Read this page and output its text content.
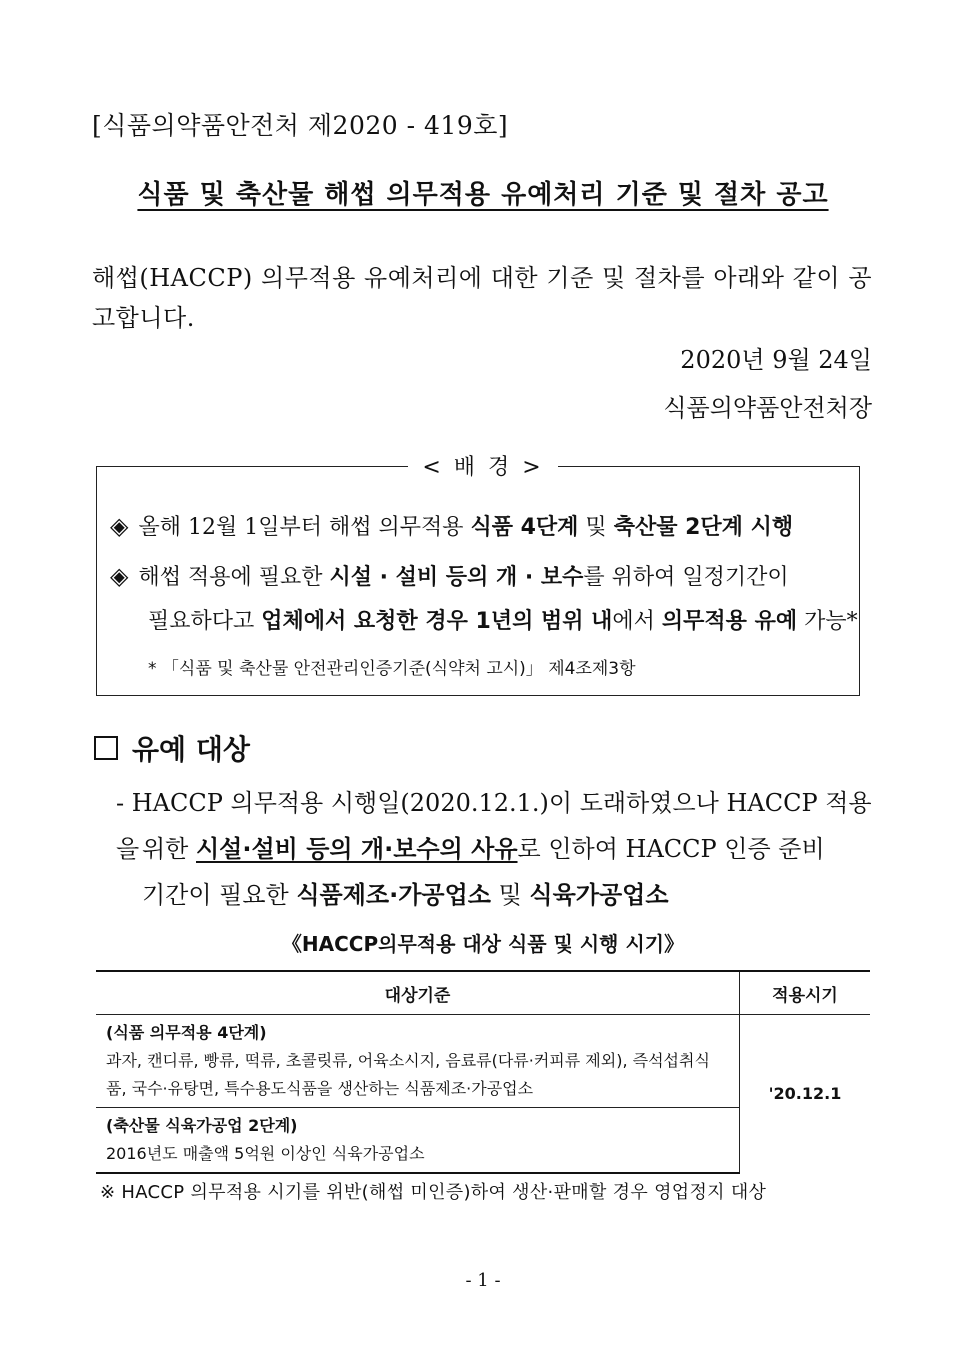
[식품의약품안전처 제2020 - 419호]
식품 및 축산물 해썹 의무적용 유예처리 기준 및 절차 공고
해썹(HACCP) 의무적용 유예처리에 대한 기준 및 절차를 아래와 같이 공고합니다.
2020년 9월 24일
식품의약품안전처장
< 배 경 >
◈ 올해 12월 1일부터 해썹 의무적용 식품 4단계 및 축산물 2단계 시행
◈ 해썹 적용에 필요한 시설 · 설비 등의 개 · 보수를 위하여 일정기간이
필요하다고 업체에서 요청한 경우 1년의 범위 내에서 의무적용 유예 가능*
* 「식품 및 축산물 안전관리인증기준(식약처 고시)」 제4조제3항
유예 대상
- HACCP 의무적용 시행일(2020.12.1.)이 도래하였으나 HACCP 적용을 위한 시설·설비 등의 개·보수의 사유로 인하여 HACCP 인증 준비
기간이 필요한 식품제조·가공업소 및 식육가공업소
《HACCP의무적용 대상 식품 및 시행 시기》
대상기준	적용시기

(식품 의무적용 4단계)
과자, 캔디류, 빵류, 떡류, 초콜릿류, 어육소시지, 음료류(다류·커피류 제외), 즉석섭취식품, 국수·유탕면, 특수용도식품을 생산하는 식품제조·가공업소	'20.12.1

(축산물 식육가공업 2단계)
2016년도 매출액 5억원 이상인 식육가공업소	
※ HACCP 의무적용 시기를 위반(해썹 미인증)하여 생산·판매할 경우 영업정지 대상
- 1 -
